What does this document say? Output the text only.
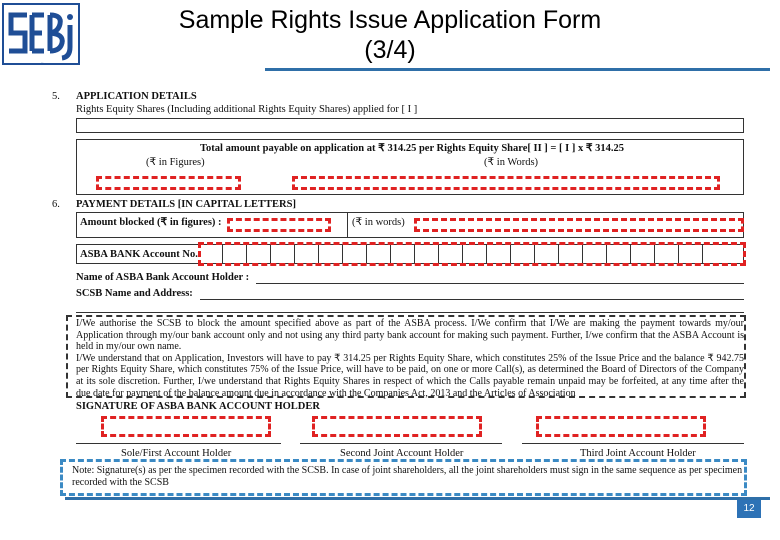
SEBI
Sample Rights Issue Application Form
(3/4)
5. APPLICATION DETAILS
Rights Equity Shares (Including additional Rights Equity Shares) applied for [ I ]
Total amount payable on application at ₹ 314.25 per Rights Equity Share[ II ] = [ I ] x ₹ 314.25
(₹ in Figures)	(₹ in Words)
6. PAYMENT DETAILS [IN CAPITAL LETTERS]
Amount blocked (₹ in figures) :	(₹ in words)
ASBA BANK Account No.
Name of ASBA Bank Account Holder :
SCSB Name and Address:

I/We authorise the SCSB to block the amount specified above as part of the ASBA process. I/We confirm that I/We are making the payment towards my/our Application through my/our bank account only and not using any third party bank account for making such payment. Further, I/we confirm that the ASBA Account is held in my/our own name.

I/We understand that on Application, Investors will have to pay ₹ 314.25 per Rights Equity Share, which constitutes 25% of the Issue Price and the balance ₹ 942.75 per Rights Equity Share, which constitutes 75% of the Issue Price, will have to be paid, on one or more Call(s), as determined the Board of Directors of the Company at its sole discretion. Further, I/we understand that Rights Equity Shares in respect of which the Calls payable remain unpaid may be forfeited, at any time after the due date for payment of the balance amount due in accordance with the Companies Act, 2013 and the Articles of Association

SIGNATURE OF ASBA BANK ACCOUNT HOLDER
Sole/First Account Holder	Second Joint Account Holder	Third Joint Account Holder
Note: Signature(s) as per the specimen recorded with the SCSB. In case of joint shareholders, all the joint shareholders must sign in the same sequence as per specimen recorded with the SCSB
12
